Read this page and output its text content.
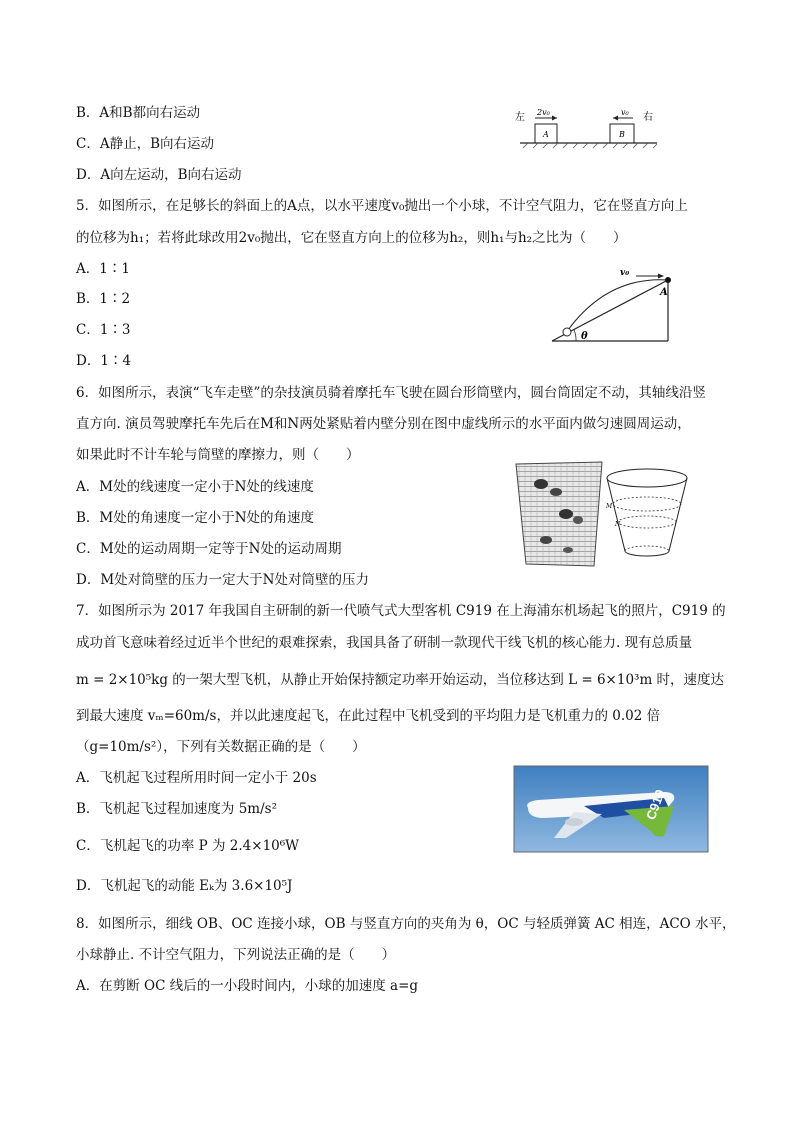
B．A和B都向右运动
C．A静止，B向右运动
D．A向左运动，B向右运动
左	右
2v₀	v₀
A	B
5．如图所示，在足够长的斜面上的A点，以水平速度v₀抛出一个小球，不计空气阻力，它在竖直方向上
的位移为h₁；若将此球改用2v₀抛出，它在竖直方向上的位移为h₂，则h₁与h₂之比为（　　）
A．1∶1
B．1∶2
C．1∶3
D．1∶4
v₀
A
θ
6．如图所示，表演“飞车走壁”的杂技演员骑着摩托车飞驶在圆台形筒壁内，圆台筒固定不动，其轴线沿竖
直方向. 演员驾驶摩托车先后在M和N两处紧贴着内壁分别在图中虚线所示的水平面内做匀速圆周运动，
如果此时不计车轮与筒壁的摩擦力，则（　　）
A．M处的线速度一定小于N处的线速度
B．M处的角速度一定小于N处的角速度
C．M处的运动周期一定等于N处的运动周期
D．M处对筒壁的压力一定大于N处对筒壁的压力
M
N
7．如图所示为 2017 年我国自主研制的新一代喷气式大型客机 C919 在上海浦东机场起飞的照片，C919 的
成功首飞意味着经过近半个世纪的艰难探索，我国具备了研制一款现代干线飞机的核心能力. 现有总质量
m = 2×10⁵kg 的一架大型飞机，从静止开始保持额定功率开始运动，当位移达到 L = 6×10³m 时，速度达
到最大速度 vₘ=60m/s，并以此速度起飞，在此过程中飞机受到的平均阻力是飞机重力的 0.02 倍
（g=10m/s²），下列有关数据正确的是（　　）
A．飞机起飞过程所用时间一定小于 20s
B．飞机起飞过程加速度为 5m/s²
C．飞机起飞的功率 P 为 2.4×10⁶W
D．飞机起飞的动能 Eₖ为 3.6×10⁵J
C919
8．如图所示，细线 OB、OC 连接小球，OB 与竖直方向的夹角为 θ，OC 与轻质弹簧 AC 相连，ACO 水平，
小球静止. 不计空气阻力，下列说法正确的是（　　）
A．在剪断 OC 线后的一小段时间内，小球的加速度 a=g
